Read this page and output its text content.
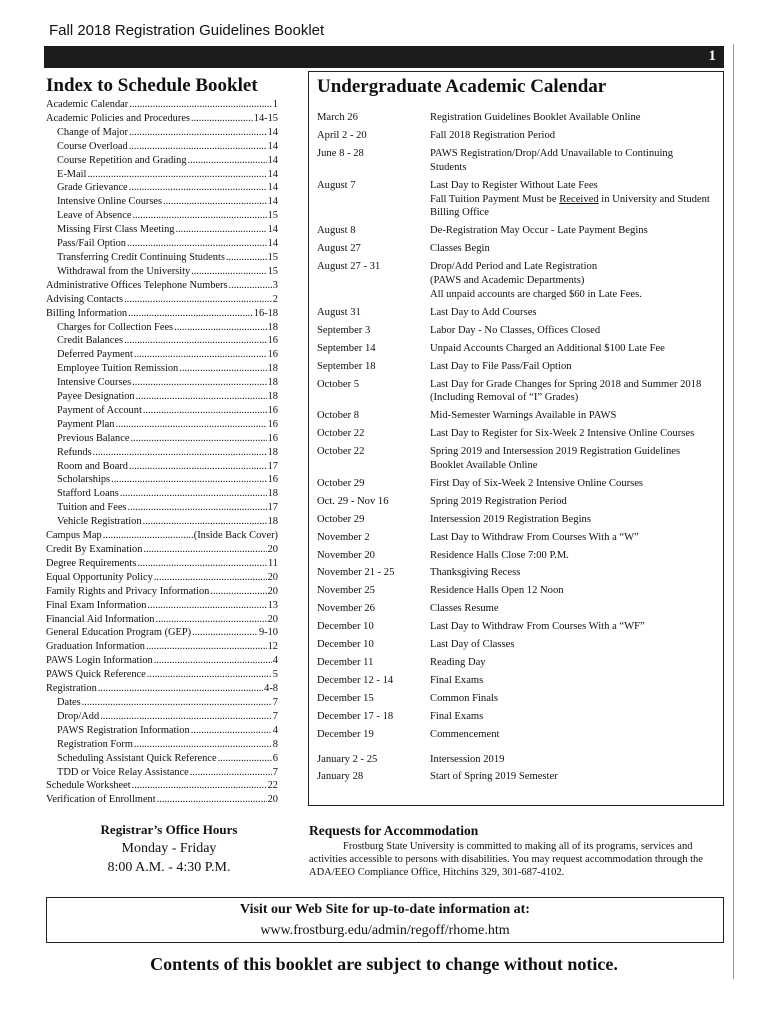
Fall 2018 Registration Guidelines Booklet
1
Index to Schedule Booklet
Academic Calendar .....	1
Academic Policies and Procedures .....	14-15
Change of Major .....	14
Course Overload .....	14
Course Repetition and Grading .....	14
E-Mail .....	14
Grade Grievance .....	14
Intensive Online Courses .....	14
Leave of Absence .....	15
Missing First Class Meeting .....	14
Pass/Fail Option .....	14
Transferring Credit Continuing Students .....	15
Withdrawal from the University .....	15
Administrative Offices Telephone Numbers .....	3
Advising Contacts .....	2
Billing Information .....	16-18
Charges for Collection Fees .....	18
Credit Balances .....	16
Deferred Payment .....	16
Employee Tuition Remission .....	18
Intensive Courses .....	18
Payee Designation .....	18
Payment of Account .....	16
Payment Plan .....	16
Previous Balance .....	16
Refunds .....	18
Room and Board .....	17
Scholarships .....	16
Stafford Loans .....	18
Tuition and Fees .....	17
Vehicle Registration .....	18
Campus Map .....	(Inside Back Cover)
Credit By Examination .....	20
Degree Requirements .....	11
Equal Opportunity Policy .....	20
Family Rights and Privacy Information .....	20
Final Exam Information .....	13
Financial Aid Information .....	20
General Education Program (GEP) .....	9-10
Graduation Information .....	12
PAWS Login Information .....	4
PAWS Quick Reference .....	5
Registration .....	4-8
Dates .....	7
Drop/Add .....	7
PAWS Registration Information .....	4
Registration Form .....	8
Scheduling Assistant Quick Reference .....	6
TDD or Voice Relay Assistance .....	7
Schedule Worksheet .....	22
Verification of Enrollment .....	20
Undergraduate Academic Calendar
March 26	Registration Guidelines Booklet Available Online
April 2 - 20	Fall 2018 Registration Period
June 8 - 28	PAWS Registration/Drop/Add Unavailable to Continuing
Students
August 7	Last Day to Register Without Late Fees
Fall Tuition Payment Must be Received in University and Student
Billing Office
August 8	De-Registration May Occur - Late Payment Begins
August 27	Classes Begin
August 27 - 31	Drop/Add Period and Late Registration
(PAWS and Academic Departments)
All unpaid accounts are charged $60 in Late Fees.
August 31	Last Day to Add Courses
September 3	Labor Day - No Classes, Offices Closed
September 14	Unpaid Accounts Charged an Additional $100 Late Fee
September 18	Last Day to File Pass/Fail Option
October 5	Last Day for Grade Changes for Spring 2018 and Summer 2018
(Including Removal of “I” Grades)
October 8	Mid-Semester Warnings Available in PAWS
October 22	Last Day to Register for Six-Week 2 Intensive Online Courses
October 22	Spring 2019 and Intersession 2019 Registration Guidelines
Booklet Available Online
October 29	First Day of Six-Week 2 Intensive Online Courses
Oct. 29 - Nov 16	Spring 2019 Registration Period
October 29	Intersession 2019 Registration Begins
November 2	Last Day to Withdraw From Courses With a “W”
November 20	Residence Halls Close 7:00 P.M.
November 21 - 25	Thanksgiving Recess
November 25	Residence Halls Open 12 Noon
November 26	Classes Resume
December 10	Last Day to Withdraw From Courses With a “WF”
December 10	Last Day of Classes
December 11	Reading Day
December 12 - 14	Final Exams
December 15	Common Finals
December 17 - 18	Final Exams
December 19	Commencement
January 2 - 25	Intersession 2019
January 28	Start of Spring 2019 Semester
Registrar’s Office Hours
Monday - Friday
8:00 A.M. - 4:30 P.M.
Requests for Accommodation
Frostburg State University is committed to making all of its programs, services and activities accessible to persons with disabilities. You may request accommodation through the ADA/EEO Compliance Office, Hitchins 329, 301-687-4102.
Visit our Web Site for up-to-date information at:
www.frostburg.edu/admin/regoff/rhome.htm
Contents of this booklet are subject to change without notice.
